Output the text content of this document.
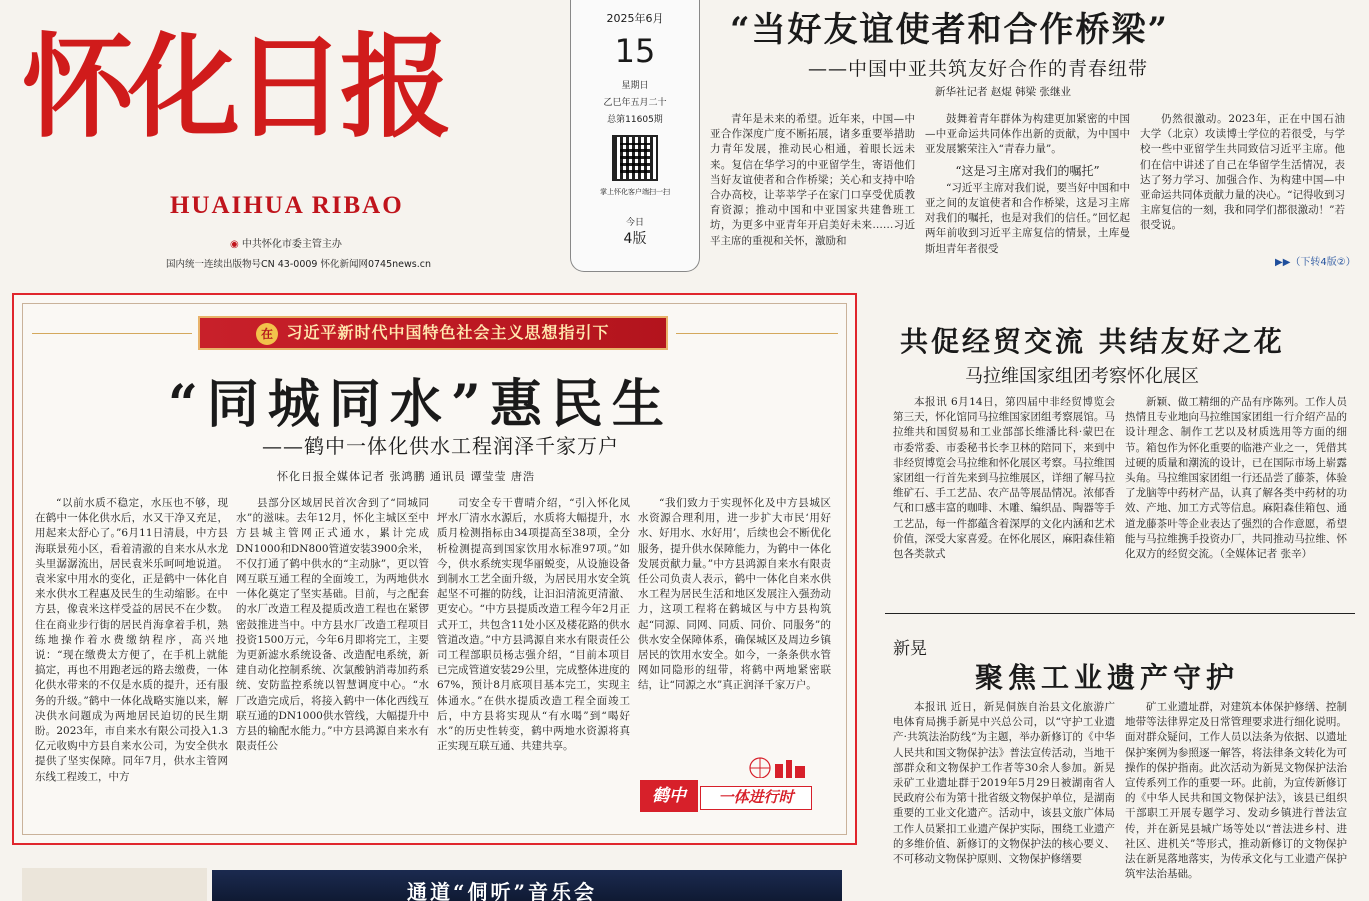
怀化日报
HUAIHUA RIBAO
◉ 中共怀化市委主管主办
国内统一连续出版物号CN 43-0009 怀化新闻网0745news.cn
2025年6月
15
星期日
乙巳年五月二十
总第11605期
掌上怀化客户端扫一扫
今日
4版
“当好友谊使者和合作桥梁”
——中国中亚共筑友好合作的青春纽带
新华社记者 赵焜 韩梁 张继业

青年是未来的希望。近年来，中国—中亚合作深度广度不断拓展，诸多重要举措助力青年发展，推动民心相通，着眼长远未来。复信在华学习的中亚留学生，寄语他们当好友谊使者和合作桥梁；关心和支持中哈合办高校，让莘莘学子在家门口享受优质教育资源；推动中国和中亚国家共建鲁班工坊，为更多中亚青年开启美好未来……习近平主席的重视和关怀，激励和

鼓舞着青年群体为构建更加紧密的中国—中亚命运共同体作出新的贡献，为中国中亚发展繁荣注入“青春力量”。

“这是习主席对我们的嘱托”

“习近平主席对我们说，要当好中国和中亚之间的友谊使者和合作桥梁，这是习主席对我们的嘱托，也是对我们的信任。”回忆起两年前收到习近平主席复信的情景，土库曼斯坦青年者很受

仍然很激动。2023年，正在中国石油大学（北京）攻读博士学位的若很受，与学校一些中亚留学生共同致信习近平主席。他们在信中讲述了自己在华留学生活情况，表达了努力学习、加强合作、为构建中国—中亚命运共同体贡献力量的决心。“记得收到习主席复信的一刻，我和同学们都很激动！”若很受说。

▶▶（下转4版②）
在 习近平新时代中国特色社会主义思想指引下
“同城同水”惠民生
——鹤中一体化供水工程润泽千家万户
怀化日报全媒体记者 张鸿鹏 通讯员 谭莹莹 唐浩

“以前水质不稳定，水压也不够，现在鹤中一体化供水后，水又干净又充足，用起来太舒心了。”6月11日清晨，中方县海联景苑小区，看着清澈的自来水从水龙头里潺潺流出，居民袁米乐呵呵地说道。袁米家中用水的变化，正是鹤中一体化自来水供水工程惠及民生的生动缩影。在中方县，像袁米这样受益的居民不在少数。住在商业步行街的居民肖海拿着手机，熟练地操作着水费缴纳程序，高兴地说：“现在缴费太方便了，在手机上就能搞定，再也不用跑老远的路去缴费，一体化供水带来的不仅是水质的提升，还有服务的升级。”鹤中一体化战略实施以来，解决供水问题成为两地居民迫切的民生期盼。2023年，市自来水有限公司投入1.3亿元收购中方县自来水公司，为安全供水提供了坚实保障。同年7月，供水主管网东线工程竣工，中方

县部分区域居民首次舍到了“同城同水”的滋味。去年12月，怀化主城区至中方县城主管网正式通水，累计完成DN1000和DN800管道安装3900余米，不仅打通了鹤中供水的“主动脉”，更以管网互联互通工程的全面竣工，为两地供水一体化奠定了坚实基础。目前，与之配套的水厂改造工程及提质改造工程也在紧锣密鼓推进当中。中方县水厂改造工程项目投资1500万元，今年6月即将完工，主要为更新滤水系统设备、改造配电系统，新建自动化控制系统、次氯酸钠消毒加药系统、安防监控系统以智慧调度中心。“水厂改造完成后，将接入鹤中一体化西线互联互通的DN1000供水管线，大幅提升中方县的输配水能力。”中方县鸿源自来水有限责任公

司安全专干曹晴介绍，“引入怀化凤坪水厂清水水源后，水质将大幅提升，水质月检测指标由34项提高至38项，全分析检测提高到国家饮用水标准97项。”如今，供水系统实现华丽蜕变，从设施设备到制水工艺全面升级，为居民用水安全筑起坚不可摧的防线，让汩汩清流更清澈、更安心。“中方县提质改造工程今年2月正式开工，共包含11处小区及楼花路的供水管道改造。”中方县鸿源自来水有限责任公司工程部职员杨志强介绍，“目前本项目已完成管道安装29公里，完成整体进度的67%，预计8月底项目基本完工，实现主体通水。”在供水提质改造工程全面竣工后，中方县将实现从“有水喝”到“喝好水”的历史性转变，鹤中两地水资源将真正实现互联互通、共建共享。

“我们致力于实现怀化及中方县城区水资源合理利用，进一步扩大市民‘用好水、好用水、水好用’，后续也会不断优化服务，提升供水保障能力，为鹤中一体化发展贡献力量。”中方县鸿源自来水有限责任公司负责人表示，鹤中一体化自来水供水工程为居民生活和地区发展注入强劲动力，这项工程将在鹤城区与中方县构筑起“同源、同网、同质、同价、同服务”的供水安全保障体系，确保城区及周边乡镇居民的饮用水安全。如今，一条条供水管网如同隐形的纽带，将鹤中两地紧密联结，让“同源之水”真正润泽千家万户。

鹤中	一体进行时
共促经贸交流 共结友好之花
马拉维国家组团考察怀化展区

本报讯 6月14日，第四届中非经贸博览会第三天，怀化馆同马拉维国家团组考察展馆。马拉维共和国贸易和工业部部长维潘比科·蒙巴在市委常委、市委秘书长李卫林的陪同下，来到中非经贸博览会马拉维和怀化展区考察。马拉维国家团组一行首先来到马拉维展区，详细了解马拉维矿石、手工艺品、农产品等展品情况。浓郁香气和口感丰富的咖啡、木雕、编织品、陶器等手工艺品，每一件都蕴含着深厚的文化内涵和艺术价值，深受大家喜爱。在怀化展区，麻阳森佳箱包各类款式

新颖、做工精细的产品有序陈列。工作人员热情且专业地向马拉维国家团组一行介绍产品的设计理念、制作工艺以及材质选用等方面的细节。箱包作为怀化重要的临港产业之一，凭借其过硬的质量和潮流的设计，已在国际市场上崭露头角。马拉维国家团组一行还品尝了藤茶，体验了龙脑等中药材产品，认真了解各类中药材的功效、产地、加工方式等信息。麻阳森佳箱包、通道龙藤茶叶等企业表达了强烈的合作意愿，希望能与马拉维携手投资办厂，共同推动马拉维、怀化双方的经贸交流。（全媒体记者 张辛）

新晃
聚焦工业遗产守护

本报讯 近日，新晃侗族自治县文化旅游广电体育局携手新晃中兴总公司，以“守护工业遗产·共筑法治防线”为主题，举办新修订的《中华人民共和国文物保护法》普法宣传活动，当地干部群众和文物保护工作者等30余人参加。新晃汞矿工业遗址群于2019年5月29日被湖南省人民政府公布为第十批省级文物保护单位，是湖南重要的工业文化遗产。活动中，该县文旅广体局工作人员紧扣工业遗产保护实际，围绕工业遗产的多维价值、新修订的文物保护法的核心要义、不可移动文物保护原则、文物保护修缮要

矿工业遗址群，对建筑本体保护修缮、控制地带等法律界定及日常管理要求进行细化说明。面对群众疑问，工作人员以法条为依据、以遗址保护案例为参照逐一解答，将法律条文转化为可操作的保护指南。此次活动为新晃文物保护法治宣传系列工作的重要一环。此前，为宣传新修订的《中华人民共和国文物保护法》，该县已组织干部职工开展专题学习、发动乡镇进行普法宣传，并在新晃县城广场等处以“普法进乡村、进社区、进机关”等形式，推动新修订的文物保护法在新晃落地落实，为传承文化与工业遗产保护筑牢法治基础。

通道“侗听”音乐会
